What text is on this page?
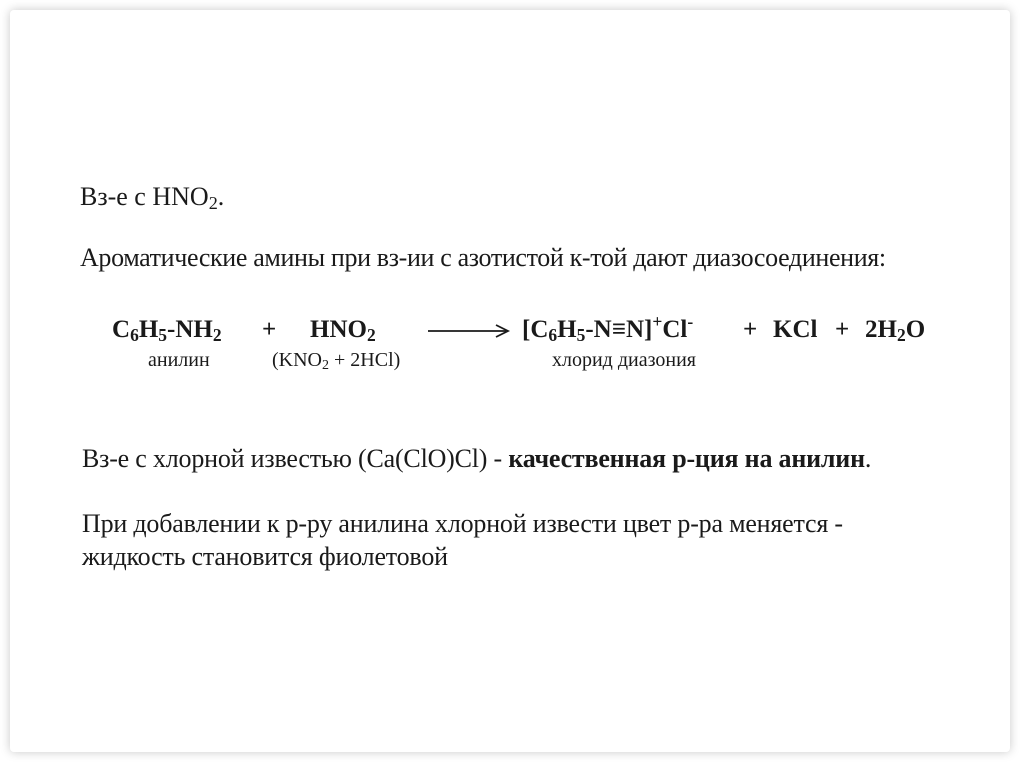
Вз-е с $HNO_2$.
Ароматические амины при вз-ии с азотистой к-той дают диазосоединения:
$C_6H_5-NH_2 + HNO_2$	$[C_6H_5-N\equiv N]^+Cl^-$ + KCl + $2H_2O$
анилин	$(KNO_2 + 2HCl)$	хлорид диазония
Вз-е с хлорной известью (Ca(ClO)Cl) - качественная р-ция на анилин.
При добавлении к р-ру анилина хлорной извести цвет р-ра меняется -
жидкость становится фиолетовой
